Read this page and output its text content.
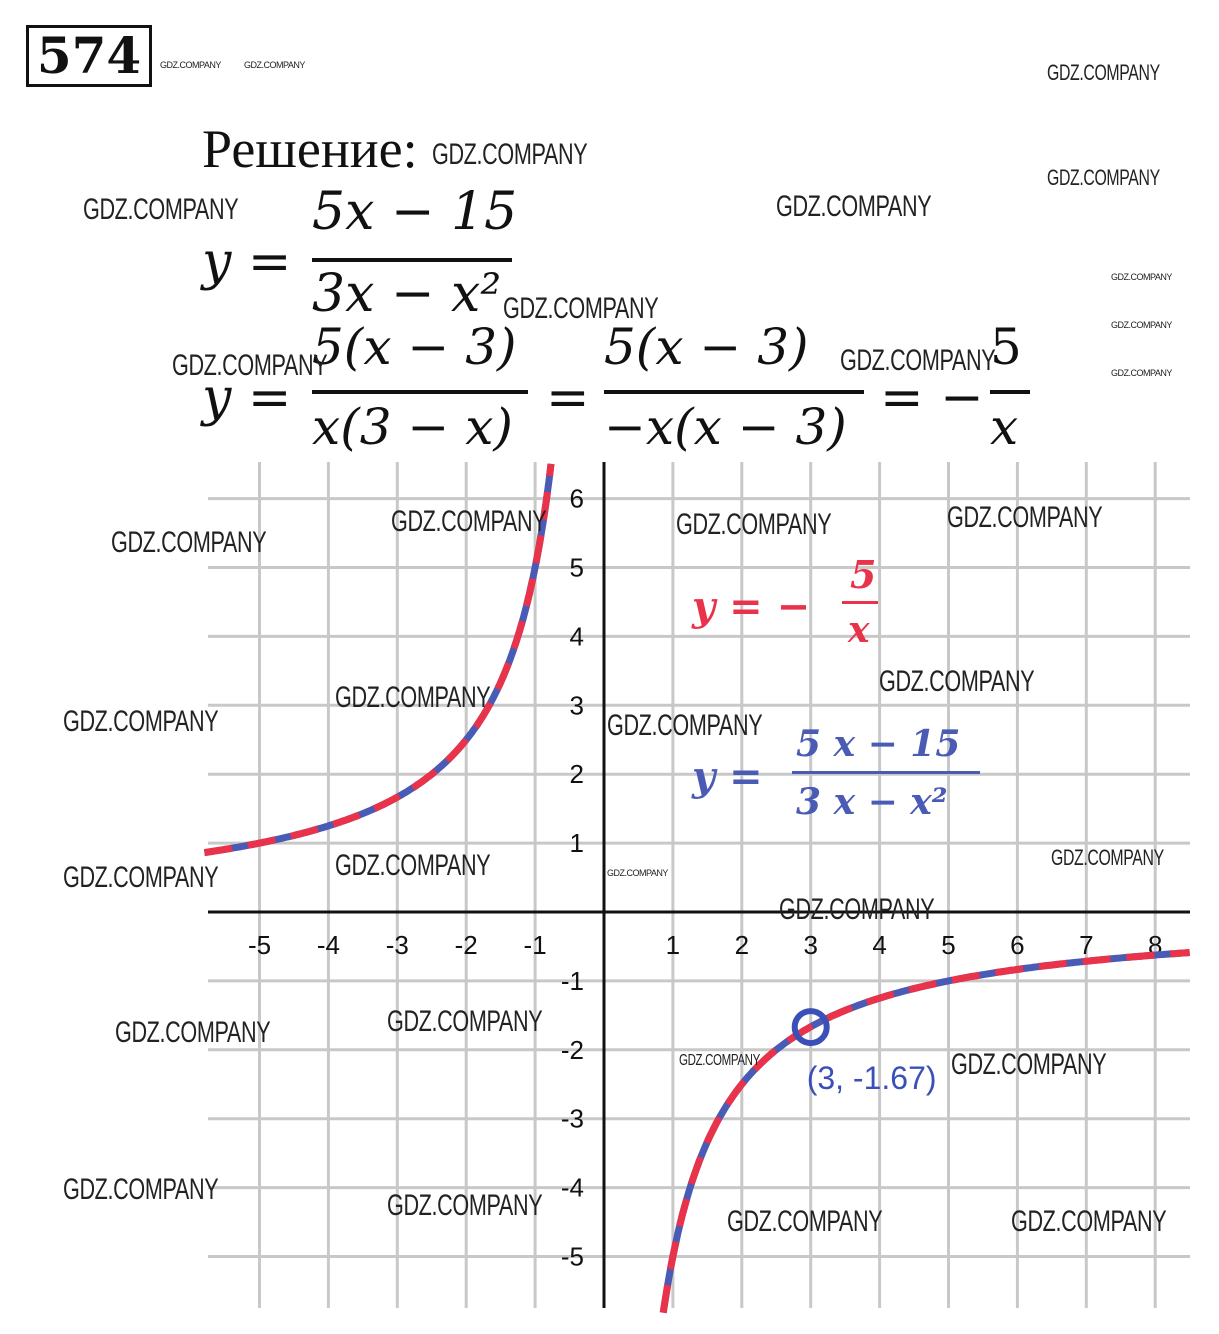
574
Решение:
y =
5x − 15
3x − x²
y =
5(x − 3)
x(3 − x) =
5(x − 3)
−x(x − 3) = −
5
x
-5 -4 -3 -2 -1	1 2 3 4 5 6 7 8
6
5
4
3
2
1
-1
-2
-3
-4
-5
y = −
5
x
y =
5 x − 15
3 x − x²
(3, -1.67)
GDZ.COMPANY
GDZ.COMPANY	GDZ.COMPANY
GDZ.COMPANY
GDZ.COMPANY
GDZ.COMPANY
GDZ.COMPANY	GDZ.COMPANY
GDZ.COMPANY
GDZ.COMPANY	GDZ.COMPANY	GDZ.COMPANY
GDZ.COMPANY
GDZ.COMPANY
GDZ.COMPANY	GDZ.COMPANY
GDZ.COMPANY
GDZ.COMPANY
GDZ.COMPANY
GDZ.COMPANY
GDZ.COMPANY	GDZ.COMPANY
GDZ.COMPANY
GDZ.COMPANY	GDZ.COMPANY	GDZ.COMPANY	GDZ.COMPANY
GDZ.COMPANY
GDZ.COMPANY	GDZ.COMPANY
GDZ.COMPANY
GDZ.COMPANY
GDZ.COMPANY
GDZ.COMPANY
